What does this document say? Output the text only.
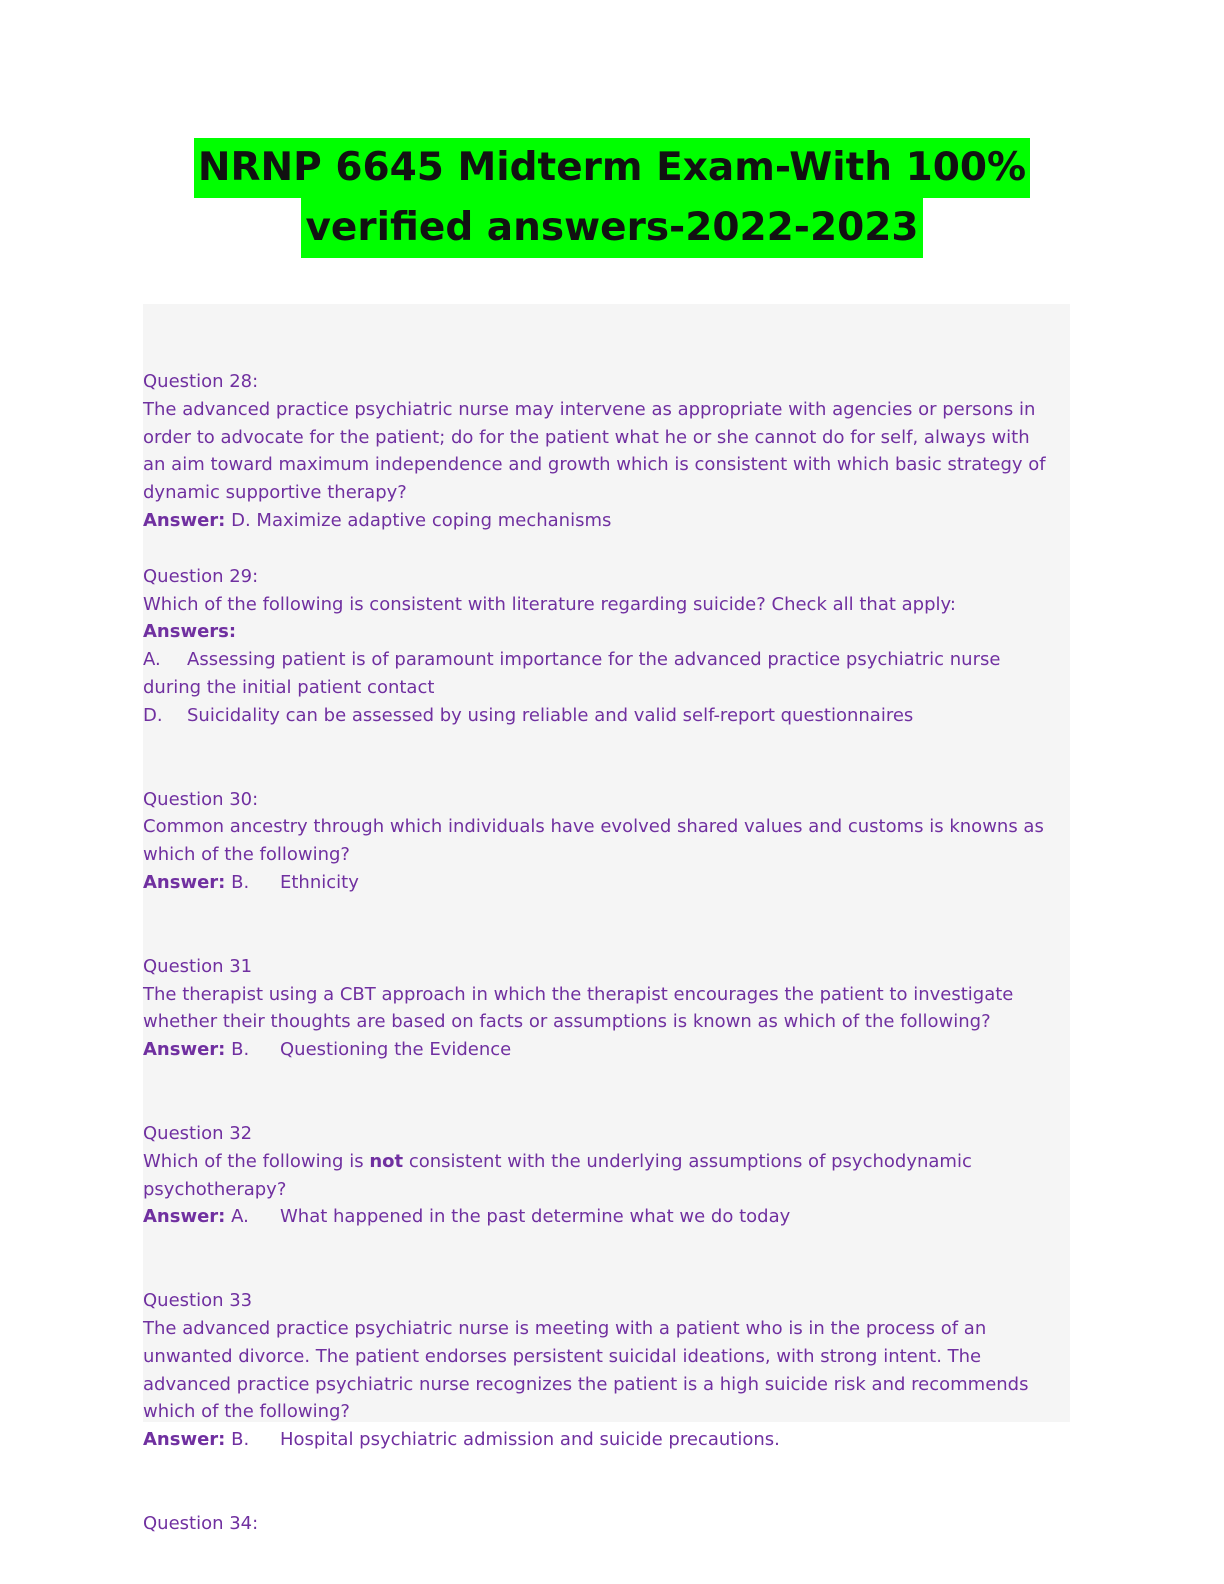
NRNP 6645 Midterm Exam-With 100%
verified answers-2022-2023

Question 28:

The advanced practice psychiatric nurse may intervene as appropriate with agencies or persons in

order to advocate for the patient; do for the patient what he or she cannot do for self, always with

an aim toward maximum independence and growth which is consistent with which basic strategy of

dynamic supportive therapy?

Answer: D. Maximize adaptive coping mechanisms

Question 29:

Which of the following is consistent with literature regarding suicide? Check all that apply:

Answers:

A. Assessing patient is of paramount importance for the advanced practice psychiatric nurse

during the initial patient contact

D. Suicidality can be assessed by using reliable and valid self-report questionnaires

Question 30:

Common ancestry through which individuals have evolved shared values and customs is knowns as

which of the following?

Answer: B. Ethnicity

Question 31

The therapist using a CBT approach in which the therapist encourages the patient to investigate

whether their thoughts are based on facts or assumptions is known as which of the following?

Answer: B. Questioning the Evidence

Question 32

Which of the following is not consistent with the underlying assumptions of psychodynamic

psychotherapy?

Answer: A. What happened in the past determine what we do today

Question 33

The advanced practice psychiatric nurse is meeting with a patient who is in the process of an

unwanted divorce. The patient endorses persistent suicidal ideations, with strong intent. The

advanced practice psychiatric nurse recognizes the patient is a high suicide risk and recommends

which of the following?

Answer: B. Hospital psychiatric admission and suicide precautions.

Question 34:
